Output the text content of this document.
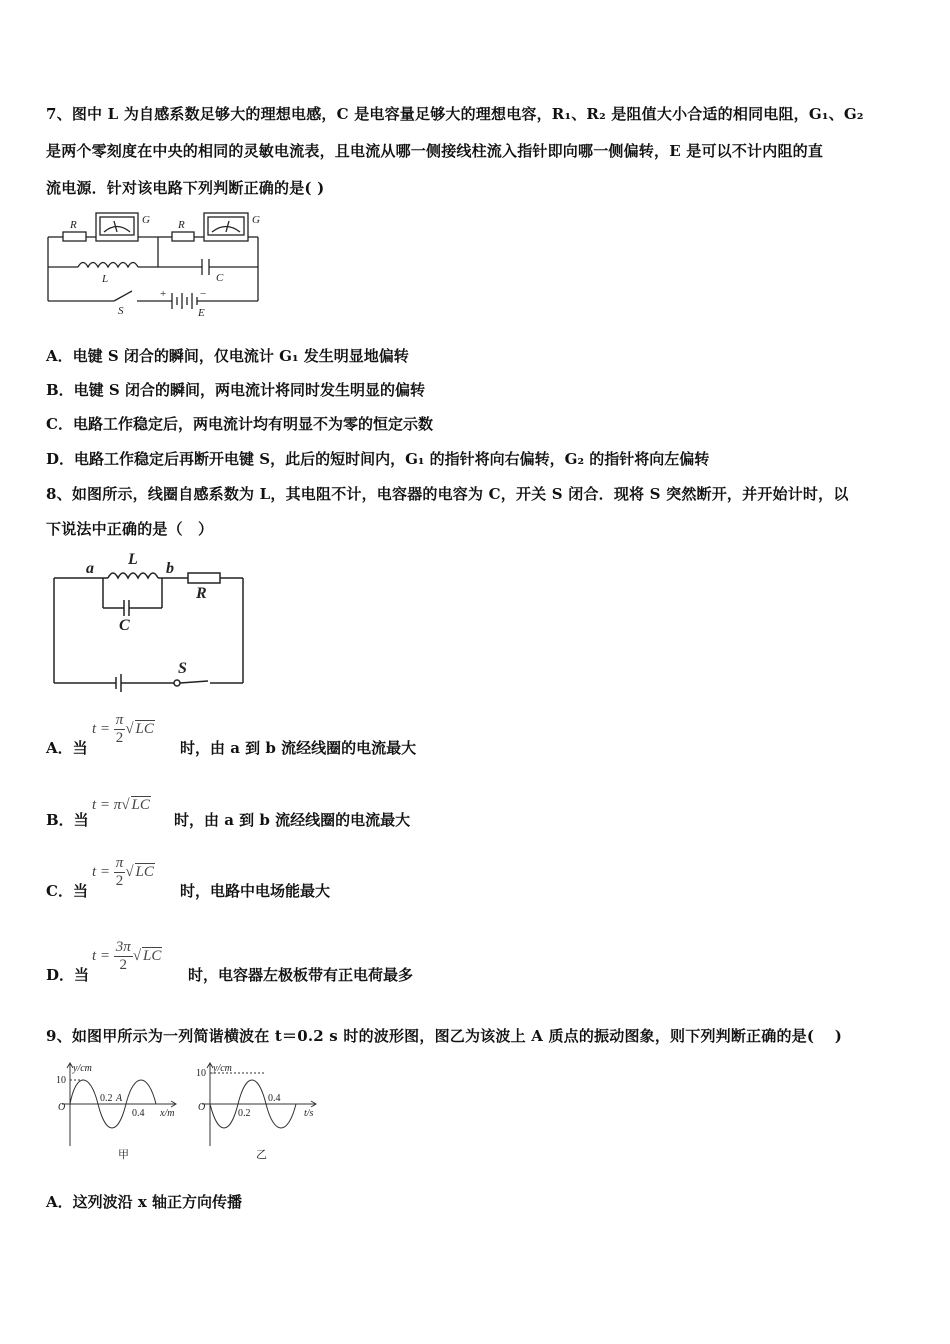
7、图中 L 为自感系数足够大的理想电感，C 是电容量足够大的理想电容，R₁、R₂ 是阻值大小合适的相同电阻，G₁、G₂
是两个零刻度在中央的相同的灵敏电流表，且电流从哪一侧接线柱流入指针即向哪一侧偏转，E 是可以不计内阻的直
流电源．针对该电路下列判断正确的是( )
R	G	R	G
L	C
S	E
+	−
A．电键 S 闭合的瞬间，仅电流计 G₁ 发生明显地偏转
B．电键 S 闭合的瞬间，两电流计将同时发生明显的偏转
C．电路工作稳定后，两电流计均有明显不为零的恒定示数
D．电路工作稳定后再断开电键 S，此后的短时间内，G₁ 的指针将向右偏转，G₂ 的指针将向左偏转
8、如图所示，线圈自感系数为 L，其电阻不计，电容器的电容为 C，开关 S 闭合．现将 S 突然断开，并开始计时，以
下说法中正确的是（　）
a
L
b
R
C
S
A．当
$t = \frac{\pi}{2}$ √ LC
时，由 a 到 b 流经线圈的电流最大
B．当
t = π√ LC
时，由 a 到 b 流经线圈的电流最大
C．当
$t = \frac{\pi}{2}$ √ LC
时，电路中电场能最大
D．当
$t = \frac{3\pi}{2}$ √ LC
时，电容器左极板带有正电荷最多
9、如图甲所示为一列简谐横波在 t＝0.2 s 时的波形图，图乙为该波上 A 质点的振动图象，则下列判断正确的是(　 )
y/cm
10
O
0.2 A
0.4 x/m
甲
y/cm
10
O
0.2
0.4
t/s
乙
A．这列波沿 x 轴正方向传播
